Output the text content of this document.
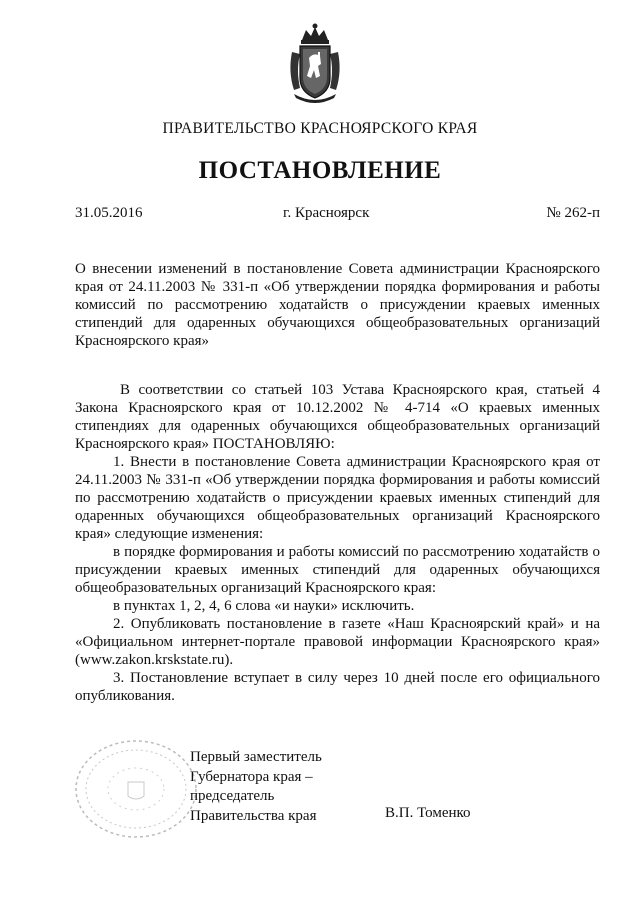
ПРАВИТЕЛЬСТВО КРАСНОЯРСКОГО КРАЯ
ПОСТАНОВЛЕНИЕ
31.05.2016	г. Красноярск	№ 262-п
О внесении изменений в постановление Совета администрации Красноярского края от 24.11.2003 № 331-п «Об утверждении порядка формирования и работы комиссий по рассмотрению ходатайств о присуждении краевых именных стипендий для одаренных обучающихся общеобразовательных организаций Красноярского края»

В соответствии со статьей 103 Устава Красноярского края, статьей 4 Закона Красноярского края от 10.12.2002 № 4-714 «О краевых именных стипендиях для одаренных обучающихся общеобразовательных организаций Красноярского края» ПОСТАНОВЛЯЮ:

1. Внести в постановление Совета администрации Красноярского края от 24.11.2003 № 331-п «Об утверждении порядка формирования и работы комиссий по рассмотрению ходатайств о присуждении краевых именных стипендий для одаренных обучающихся общеобразовательных организаций Красноярского края» следующие изменения:

в порядке формирования и работы комиссий по рассмотрению ходатайств о присуждении краевых именных стипендий для одаренных обучающихся общеобразовательных организаций Красноярского края:

в пунктах 1, 2, 4, 6 слова «и науки» исключить.

2. Опубликовать постановление в газете «Наш Красноярский край» и на «Официальном интернет-портале правовой информации Красноярского края» (www.zakon.krskstate.ru).

3. Постановление вступает в силу через 10 дней после его официального опубликования.

Первый заместитель
Губернатора края –
председатель
Правительства края	В.П. Томенко
